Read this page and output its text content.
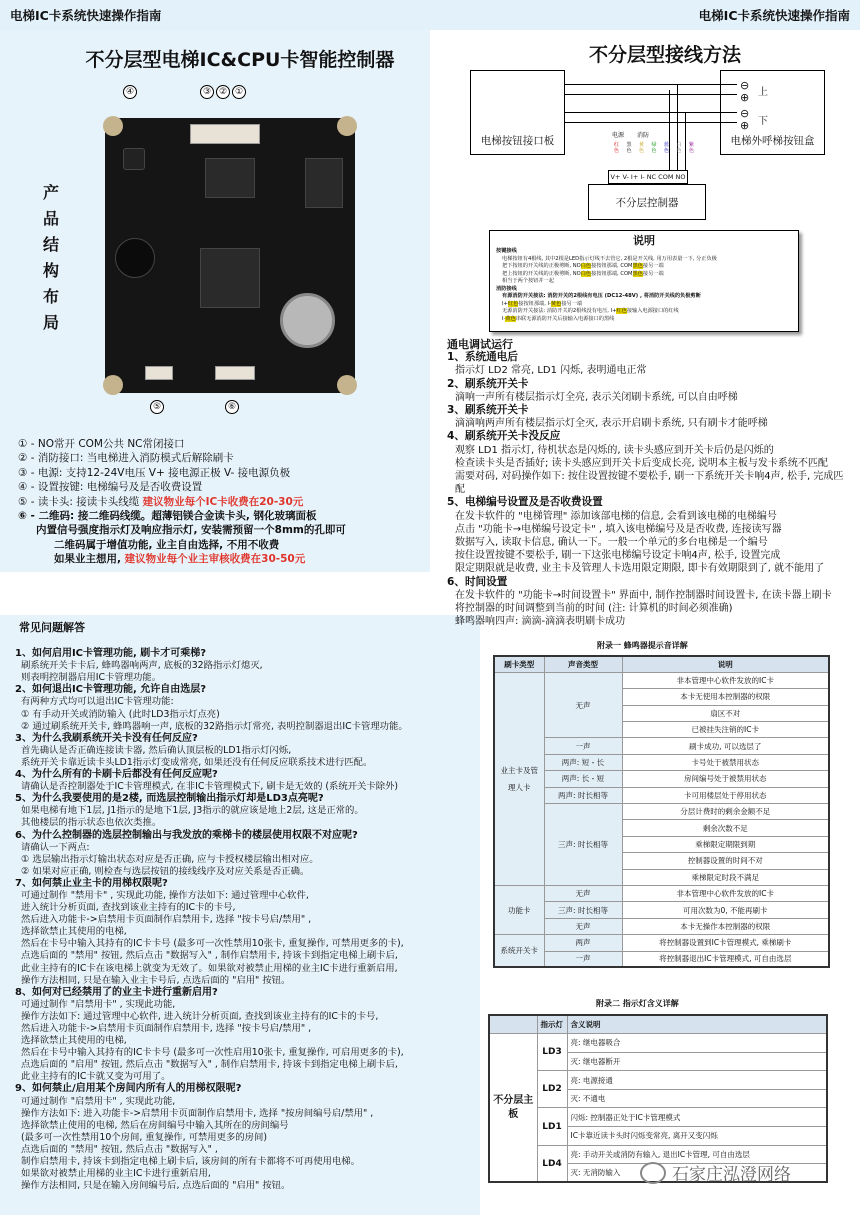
电梯IC卡系统快速操作指南	电梯IC卡系统快速操作指南
不分层型电梯IC&CPU卡智能控制器
产品结构布局
④	③ ② ①
⑤	⑥
① - NO常开 COM公共 NC常闭接口
② - 消防接口: 当电梯进入消防模式后解除刷卡
③ - 电源: 支持12-24V电压 V+ 接电源正极 V- 接电源负极
④ - 设置按键: 电梯编号及是否收费设置
⑤ - 读卡头: 接读卡头线缆 建议物业每个IC卡收费在20-30元
⑥ - 二维码: 接二维码线缆。超薄铝镁合金读卡头, 钢化玻璃面板
内置信号强度指示灯及响应指示灯, 安装需预留一个8mm的孔即可
二维码属于增值功能, 业主自由选择, 不用不收费
如果业主想用, 建议物业每个业主审核收费在30-50元
不分层型接线方法
电梯按钮接口板	电梯外呼梯按钮盒
⊖
⊕ 上
⊖
⊕ 下
电源 消防
红色
黑色
黄色
绿色
蓝色
白色
紫色
V+ V- I+ I- NC COM NO
不分层控制器
说明
按键接线
电梯按钮有4根线, 其中2根是LED指示灯线不去管它, 2根是开关线, 用万用表量一下, 分正负极
把下按钮的开关线的正极剪断, NO白色接按钮那端, COM黑色接另一端
把上按钮的开关线的正极剪断, NO白色接按钮那端, COM黑色接另一端
相当于两个按钮并一起
消防接线
有源消防开关接法: 消防开关的2根线有电压 (DC12-48V) , 将消防开关线的负极剪断
I+红色接按钮那端, I-黄色接另一端
无源消防开关接法: 消防开关的2根线没有电压, I+红色接输入电源接口的红线
I-黄色串联无源消防开关后接输入电源接口的黑线
通电调试运行
1、系统通电后
指示灯 LD2 常亮, LD1 闪烁, 表明通电正常
2、刷系统开关卡
滴响一声所有楼层指示灯全亮, 表示关闭刷卡系统, 可以自由呼梯
3、刷系统开关卡
滴滴响两声所有楼层指示灯全灭, 表示开启刷卡系统, 只有刷卡才能呼梯
4、刷系统开关卡没反应
观察 LD1 指示灯, 待机状态是闪烁的, 读卡头感应到开关卡后仍是闪烁的
检查读卡头是否插好; 读卡头感应到开关卡后变成长亮, 说明本主板与发卡系统不匹配
需要对码, 对码操作如下: 按住设置按键不要松手, 刷一下系统开关卡响4声, 松手, 完成匹配
5、电梯编号设置及是否收费设置
在发卡软件的 "电梯管理" 添加该部电梯的信息, 会看到该电梯的电梯编号
点击 "功能卡→电梯编号设定卡" , 填入该电梯编号及是否收费, 连接读写器
数据写入, 读取卡信息, 确认一下。一般一个单元的多台电梯是一个编号
按住设置按键不要松手, 刷一下这张电梯编号设定卡响4声, 松手, 设置完成
限定期限就是收费, 业主卡及管理人卡选用限定期限, 即卡有效期限到了, 就不能用了
6、时间设置
在发卡软件的 "功能卡→时间设置卡" 界面中, 制作控制器时间设置卡, 在读卡器上刷卡
将控制器的时间调整到当前的时间 (注: 计算机的时间必须准确)
蜂鸣器响四声: 滴滴-滴滴表明刷卡成功
常见问题解答
1、如何启用IC卡管理功能, 刷卡才可乘梯?
刷系统开关卡卡后, 蜂鸣器响两声, 底板的32路指示灯熄灭,
则表明控制器启用IC卡管理功能。
2、如何退出IC卡管理功能, 允许自由选层?
有两种方式均可以退出IC卡管理功能:
① 有手动开关或消防输入 (此时LD3指示灯点亮)
② 通过刷系统开关卡, 蜂鸣器响一声, 底板的32路指示灯常亮, 表明控制器退出IC卡管理功能。
3、为什么我刷系统开关卡没有任何反应?
首先确认是否正确连接读卡器, 然后确认顶层板的LD1指示灯闪烁,
系统开关卡靠近读卡头LD1指示灯变成常亮, 如果还没有任何反应联系技术进行匹配。
4、为什么所有的卡刷卡后都没有任何反应呢?
请确认是否控制器处于IC卡管理模式, 在非IC卡管理模式下, 刷卡是无效的 (系统开关卡除外)
5、为什么我要使用的是2楼, 而选层控制输出指示灯却是LD3点亮呢?
如果电梯有地下1层, J1指示的是地下1层, J3指示的就应该是地上2层, 这是正常的。
其他楼层的指示状态也依次类推。
6、为什么控制器的选层控制输出与我发放的乘梯卡的楼层使用权限不对应呢?
请确认一下两点:
① 选层输出指示灯输出状态对应是否正确, 应与卡授权楼层输出相对应。
② 如果对应正确, 则检查与选层按钮的接线线序及对应关系是否正确。
7、如何禁止业主卡的用梯权限呢?
可通过制作 "禁用卡" , 实现此功能, 操作方法如下: 通过管理中心软件,
进入统计分析页面, 查找到该业主持有的IC卡的卡号,
然后进入功能卡->启禁用卡页面制作启禁用卡, 选择 "按卡号启/禁用" ,
选择欲禁止其使用的电梯,
然后在卡号中输入其持有的IC卡卡号 (最多可一次性禁用10张卡, 重复操作, 可禁用更多的卡),
点选后面的 "禁用" 按钮, 然后点击 "数据写入" , 制作启禁用卡, 持该卡到指定电梯上刷卡后,
此业主持有的IC卡在该电梯上就变为无效了。如果欲对被禁止用梯的业主IC卡进行重新启用,
操作方法相同, 只是在输入业主卡号后, 点选后面的 "启用" 按钮。
8、如何对已经禁用了的业主卡进行重新启用?
可通过制作 "启禁用卡" , 实现此功能,
操作方法如下: 通过管理中心软件, 进入统计分析页面, 查找到该业主持有的IC卡的卡号,
然后进入功能卡->启禁用卡页面制作启禁用卡, 选择 "按卡号启/禁用" ,
选择欲禁止其使用的电梯,
然后在卡号中输入其持有的IC卡卡号 (最多可一次性启用10张卡, 重复操作, 可启用更多的卡),
点选后面的 "启用" 按钮, 然后点击 "数据写入" , 制作启禁用卡, 持该卡到指定电梯上刷卡后,
此业主持有的IC卡就又变为可用了。
9、如何禁止/启用某个房间内所有人的用梯权限呢?
可通过制作 "启禁用卡" , 实现此功能,
操作方法如下: 进入功能卡->启禁用卡页面制作启禁用卡, 选择 "按房间编号启/禁用" ,
选择欲禁止使用的电梯, 然后在房间编号中输入其所在的房间编号
(最多可一次性禁用10个房间, 重复操作, 可禁用更多的房间)
点选后面的 "禁用" 按钮, 然后点击 "数据写入" ,
制作启禁用卡, 持该卡到指定电梯上刷卡后, 该房间的所有卡都将不可再使用电梯。
如果欲对被禁止用梯的业主IC卡进行重新启用,
操作方法相同, 只是在输入房间编号后, 点选后面的 "启用" 按钮。
附录一 蜂鸣器提示音详解
刷卡类型	声音类型	说明
业主卡及管理人卡	无声	非本管理中心软件发放的IC卡
		本卡无使用本控制器的权限
		扇区不对
		已被挂失注销的IC卡
	一声	刷卡成功, 可以选层了
	两声: 短 - 长	卡号处于被禁用状态
	两声: 长 - 短	房间编号处于被禁用状态
	两声: 时长相等	卡可用楼层处于停用状态
	三声: 时长相等	分层计费时的剩余金额不足
		剩余次数不足
		乘梯限定期限到期
		控制器设置的时间不对
		乘梯限定时段不满足
功能卡	无声	非本管理中心软件发放的IC卡
	三声: 时长相等	可用次数为0, 不能再刷卡
	无声	本卡无操作本控制器的权限
系统开关卡	两声	将控制器设置到IC卡管理模式, 乘梯刷卡
	一声	将控制器退出IC卡管理模式, 可自由选层
附录二 指示灯含义详解
	指示灯	含义说明
不分层主板	LD3	亮: 继电器吸合
		灭: 继电器断开
	LD2	亮: 电源接通
		灭: 不通电
	LD1	闪烁: 控制器正处于IC卡管理模式
		IC卡靠近读卡头时闪烁变常亮, 离开又变闪烁
	LD4	亮: 手动开关或消防有输入, 退出IC卡管理, 可自由选层
		灭: 无消防输入	石家庄泓澄网络
